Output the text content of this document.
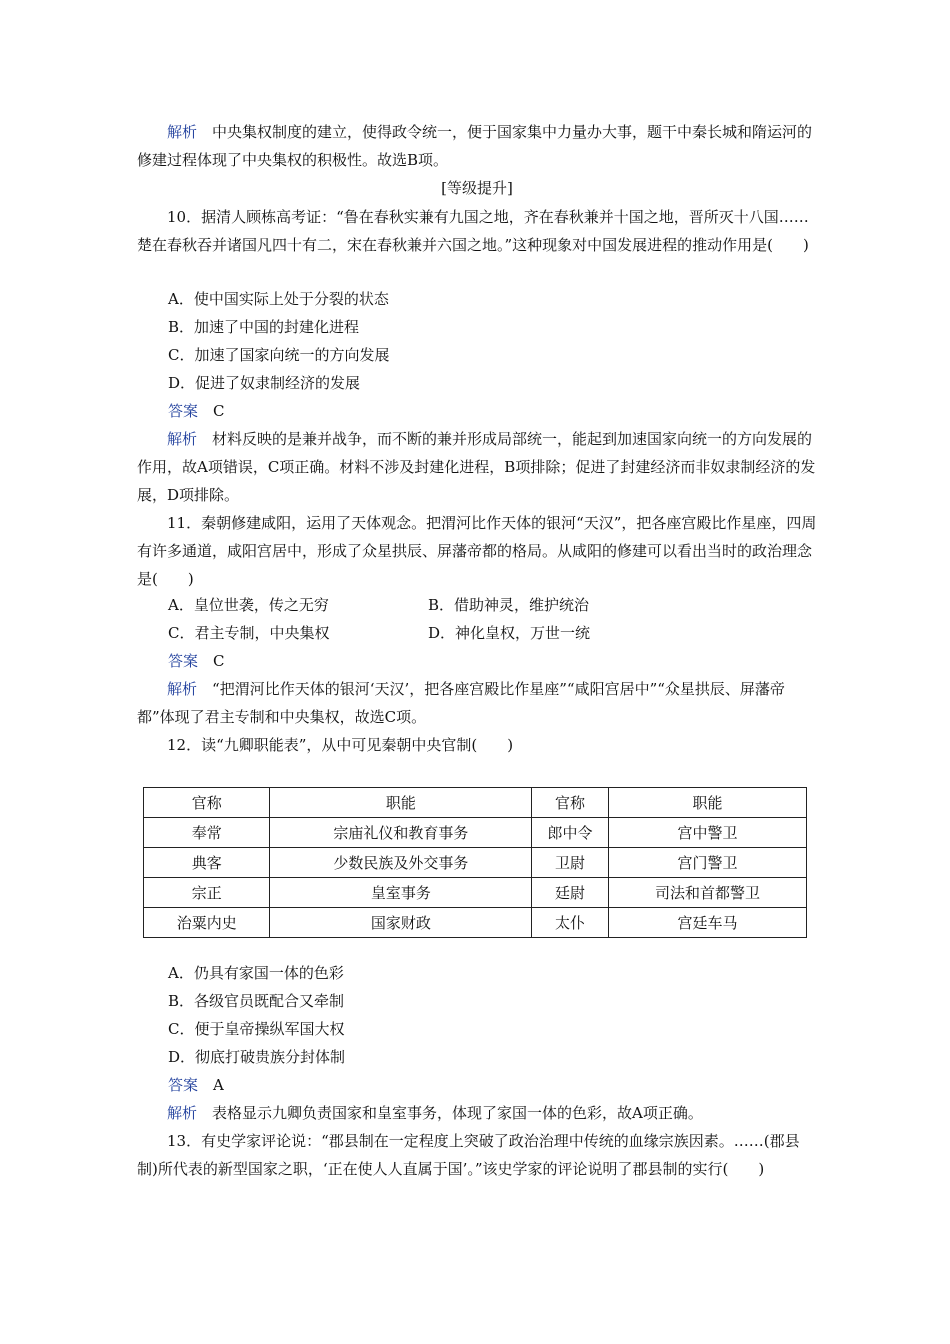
解析　 中央集权制度的建立，使得政令统一，便于国家集中力量办大事，题干中秦长城和隋运河的修建过程体现了中央集权的积极性。故选B项。

[等级提升]

10．据清人顾栋高考证：“鲁在春秋实兼有九国之地，齐在春秋兼并十国之地，晋所灭十八国……楚在春秋吞并诸国凡四十有二，宋在春秋兼并六国之地。”这种现象对中国发展进程的推动作用是(　　)

A．使中国实际上处于分裂的状态
B．加速了中国的封建化进程
C．加速了国家向统一的方向发展
D．促进了奴隶制经济的发展
答案　 C

解析　 材料反映的是兼并战争，而不断的兼并形成局部统一，能起到加速国家向统一的方向发展的作用，故A项错误，C项正确。材料不涉及封建化进程，B项排除；促进了封建经济而非奴隶制经济的发展，D项排除。

11．秦朝修建咸阳，运用了天体观念。把渭河比作天体的银河“天汉”，把各座宫殿比作星座，四周有许多通道，咸阳宫居中，形成了众星拱辰、屏藩帝都的格局。从咸阳的修建可以看出当时的政治理念是(　　)

A．皇位世袭，传之无穷	B．借助神灵，维护统治
C．君主专制，中央集权	D．神化皇权，万世一统
答案　 C

解析　 “把渭河比作天体的银河‘天汉’，把各座宫殿比作星座”“咸阳宫居中”“众星拱辰、屏藩帝都”体现了君主专制和中央集权，故选C项。

12．读“九卿职能表”，从中可见秦朝中央官制(　　)

官称	职能	官称	职能
奉常	宗庙礼仪和教育事务	郎中令	宫中警卫
典客	少数民族及外交事务	卫尉	宫门警卫
宗正	皇室事务	廷尉	司法和首都警卫
治粟内史	国家财政	太仆	宫廷车马
A．仍具有家国一体的色彩
B．各级官员既配合又牵制
C．便于皇帝操纵军国大权
D．彻底打破贵族分封体制
答案　 A

解析　 表格显示九卿负责国家和皇室事务，体现了家国一体的色彩，故A项正确。

13．有史学家评论说：“郡县制在一定程度上突破了政治治理中传统的血缘宗族因素。……(郡县制)所代表的新型国家之职，‘正在使人人直属于国’。”该史学家的评论说明了郡县制的实行(　　)
